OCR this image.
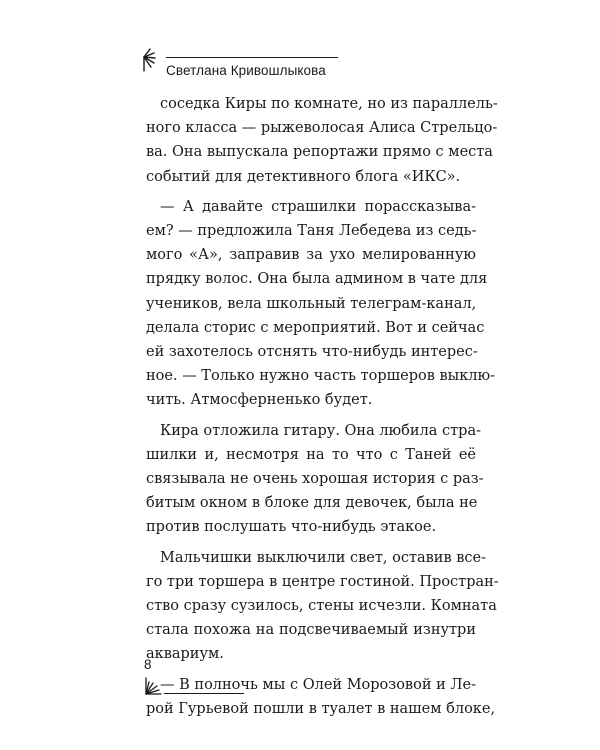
Светлана Кривошлыкова
соседка Киры по комнате, но из параллель-
ного класса — рыжеволосая Алиса Стрельцо-
ва. Она выпускала репортажи прямо с места
событий для детективного блога «ИКС».
— А давайте страшилки порассказыва-
ем? — предложила Таня Лебедева из седь-
мого «А», заправив за ухо мелированную
прядку волос. Она была админом в чате для
учеников, вела школьный телеграм-канал,
делала сторис с мероприятий. Вот и сейчас
ей захотелось отснять что-нибудь интерес-
ное. — Только нужно часть торшеров выклю-
чить. Атмосферненько будет.
Кира отложила гитару. Она любила стра-
шилки и, несмотря на то что с Таней её
связывала не очень хорошая история с раз-
битым окном в блоке для девочек, была не
против послушать что-нибудь этакое.
Мальчишки выключили свет, оставив все-
го три торшера в центре гостиной. Простран-
ство сразу сузилось, стены исчезли. Комната
стала похожа на подсвечиваемый изнутри
аквариум.
— В полночь мы с Олей Морозовой и Ле-
рой Гурьевой пошли в туалет в нашем блоке,
8
